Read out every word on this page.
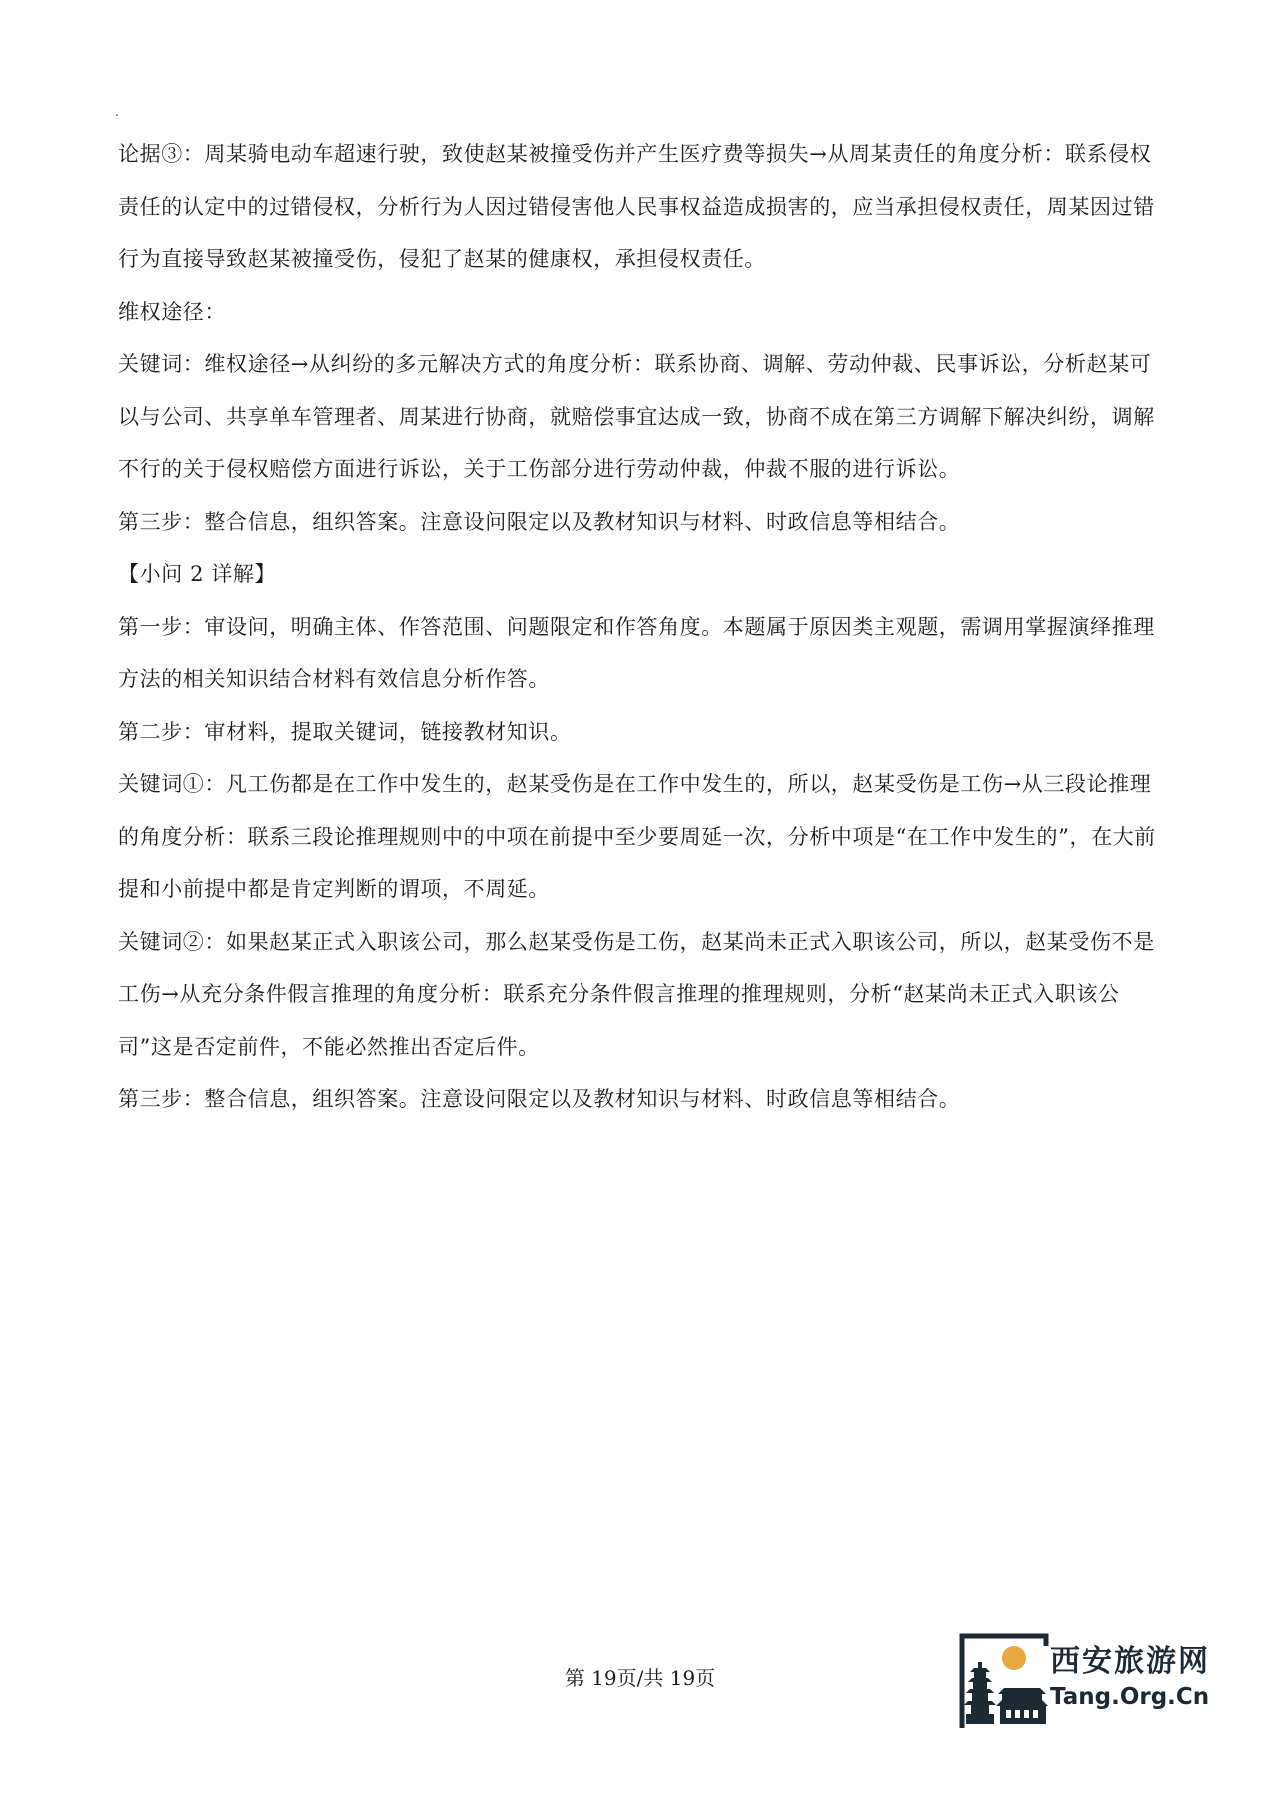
论据③：周某骑电动车超速行驶，致使赵某被撞受伤并产生医疗费等损失→从周某责任的角度分析：联系侵权责任的认定中的过错侵权，分析行为人因过错侵害他人民事权益造成损害的，应当承担侵权责任，周某因过错行为直接导致赵某被撞受伤，侵犯了赵某的健康权，承担侵权责任。

维权途径：

关键词：维权途径→从纠纷的多元解决方式的角度分析：联系协商、调解、劳动仲裁、民事诉讼，分析赵某可以与公司、共享单车管理者、周某进行协商，就赔偿事宜达成一致，协商不成在第三方调解下解决纠纷，调解不行的关于侵权赔偿方面进行诉讼，关于工伤部分进行劳动仲裁，仲裁不服的进行诉讼。

第三步：整合信息，组织答案。注意设问限定以及教材知识与材料、时政信息等相结合。

【小问 2 详解】

第一步：审设问，明确主体、作答范围、问题限定和作答角度。本题属于原因类主观题，需调用掌握演绎推理方法的相关知识结合材料有效信息分析作答。

第二步：审材料，提取关键词，链接教材知识。

关键词①：凡工伤都是在工作中发生的，赵某受伤是在工作中发生的，所以，赵某受伤是工伤→从三段论推理的角度分析：联系三段论推理规则中的中项在前提中至少要周延一次，分析中项是“在工作中发生的”，在大前提和小前提中都是肯定判断的谓项，不周延。

关键词②：如果赵某正式入职该公司，那么赵某受伤是工伤，赵某尚未正式入职该公司，所以，赵某受伤不是工伤→从充分条件假言推理的角度分析：联系充分条件假言推理的推理规则，分析“赵某尚未正式入职该公司”这是否定前件，不能必然推出否定后件。

第三步：整合信息，组织答案。注意设问限定以及教材知识与材料、时政信息等相结合。

第 19页/共 19页	西安旅游网
Tang.Org.Cn
